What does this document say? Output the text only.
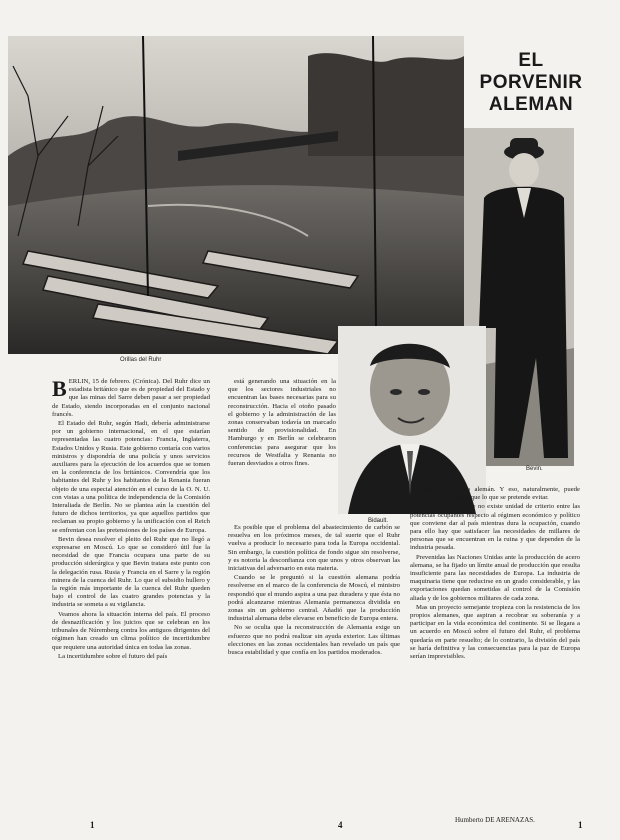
Orillas del Ruhr
EL
PORVENIR
ALEMAN
Bevin.
Bidault.

B ERLIN, 15 de febrero. (Crónica). Del Ruhr dice un estadista británico que es de propiedad del Estado y que las minas del Sarre deben pasar a ser propiedad de Estado, siendo incorporadas en el conjunto nacional francés.

El Estado del Ruhr, según Hadi, debería administrarse por un gobierno internacional, en el que estarían representadas las cuatro potencias: Francia, Inglaterra, Estados Unidos y Rusia. Este gobierno contaría con varios ministros y dispondría de una policía y unos servicios auxiliares para la ejecución de los acuerdos que se tomen en la conferencia de los británicos. Convendría que los habitantes del Ruhr y los habitantes de la Renania fueran objeto de una especial atención en el curso de la O. N. U. con vistas a una política de independencia de la Comisión Interaliada de Berlín. No se plantea aún la cuestión del futuro de dichos territorios, ya que aquellos partidos que reclaman su propio gobierno y la unificación con el Reich se enfrentan con las pretensiones de los países de Europa.

Bevin desea resolver el pleito del Ruhr que no llegó a expresarse en Moscú. Lo que se consideró útil fue la necesidad de que Francia ocupara una parte de su producción siderúrgica y que Bevin tratara este punto con la delegación rusa. Rusia y Francia en el Sarre y la región minera de la cuenca del Ruhr. Lo que el subsidio hullero y la región más importante de la cuenca del Ruhr queden bajo el control de las cuatro grandes potencias y la industria se someta a su vigilancia.

Veamos ahora la situación interna del país. El proceso de desnazificación y los juicios que se celebran en los tribunales de Núremberg contra los antiguos dirigentes del régimen han creado un clima político de incertidumbre que requiere una autoridad única en todas las zonas.

La incertidumbre sobre el futuro del país

está generando una situación en la que los sectores industriales no encuentran las bases necesarias para su reconstrucción. Hacia el otoño pasado el gobierno y la administración de las zonas conservaban todavía un marcado sentido de provisionalidad. En Hamburgo y en Berlín se celebraron conferencias para asegurar que los recursos de Westfalia y Renania no fueran desviados a otros fines.

Es posible que el problema del abastecimiento de carbón se resuelva en los próximos meses, de tal suerte que el Ruhr vuelva a producir lo necesario para toda la Europa occidental. Sin embargo, la cuestión política de fondo sigue sin resolverse, y es notoria la desconfianza con que unos y otros observan las iniciativas del adversario en esta materia.

Cuando se le preguntó si la cuestión alemana podría resolverse en el marco de la conferencia de Moscú, el ministro respondió que el mundo aspira a una paz duradera y que ésta no podrá alcanzarse mientras Alemania permanezca dividida en zonas sin un gobierno central. Añadió que la producción industrial alemana debe elevarse en beneficio de Europa entera.

No se oculta que la reconstrucción de Alemania exige un esfuerzo que no podrá realizar sin ayuda exterior. Las últimas elecciones en las zonas occidentales han revelado un país que busca estabilidad y que confía en los partidos moderados.

asegurar el pueblo alemán. Y eso, naturalmente, puede resultar más peligroso que lo que se pretende evitar.

Lo que ocurre es que no existe unidad de criterio entre las potencias ocupantes respecto al régimen económico y político que conviene dar al país mientras dura la ocupación, cuando para ello hay que satisfacer las necesidades de millares de personas que se encuentran en la ruina y que dependen de la industria pesada.

Prevenidas las Naciones Unidas ante la producción de acero alemana, se ha fijado un límite anual de producción que resulta insuficiente para las necesidades de Europa. La industria de maquinaria tiene que reducirse en un grado considerable, y las exportaciones quedan sometidas al control de la Comisión aliada y de los gobiernos militares de cada zona.

Mas un proyecto semejante tropieza con la resistencia de los propios alemanes, que aspiran a recobrar su soberanía y a participar en la vida económica del continente. Si se llegara a un acuerdo en Moscú sobre el futuro del Ruhr, el problema quedaría en parte resuelto; de lo contrario, la división del país se haría definitiva y las consecuencias para la paz de Europa serían imprevisibles.

Humberto DE ARENAZAS.
1	4	1
